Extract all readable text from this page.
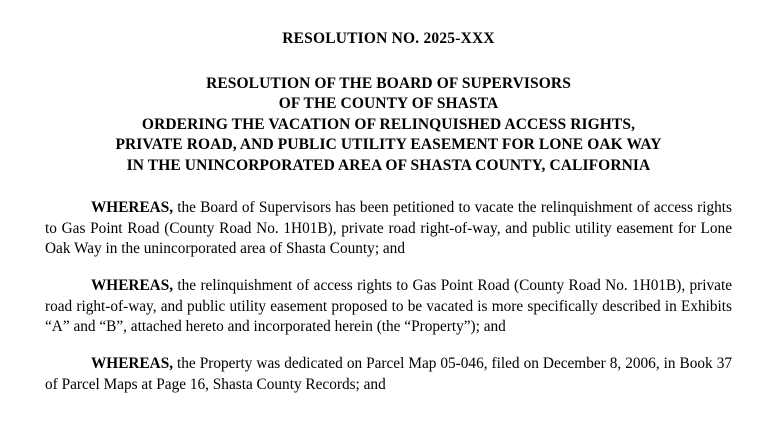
RESOLUTION NO. 2025-XXX
RESOLUTION OF THE BOARD OF SUPERVISORS
OF THE COUNTY OF SHASTA
ORDERING THE VACATION OF RELINQUISHED ACCESS RIGHTS,
PRIVATE ROAD, AND PUBLIC UTILITY EASEMENT FOR LONE OAK WAY
IN THE UNINCORPORATED AREA OF SHASTA COUNTY, CALIFORNIA

WHEREAS, the Board of Supervisors has been petitioned to vacate the relinquishment of access rights to Gas Point Road (County Road No. 1H01B), private road right-of-way, and public utility easement for Lone Oak Way in the unincorporated area of Shasta County; and

WHEREAS, the relinquishment of access rights to Gas Point Road (County Road No. 1H01B), private road right-of-way, and public utility easement proposed to be vacated is more specifically described in Exhibits “A” and “B”, attached hereto and incorporated herein (the “Property”); and

WHEREAS, the Property was dedicated on Parcel Map 05-046, filed on December 8, 2006, in Book 37 of Parcel Maps at Page 16, Shasta County Records; and
